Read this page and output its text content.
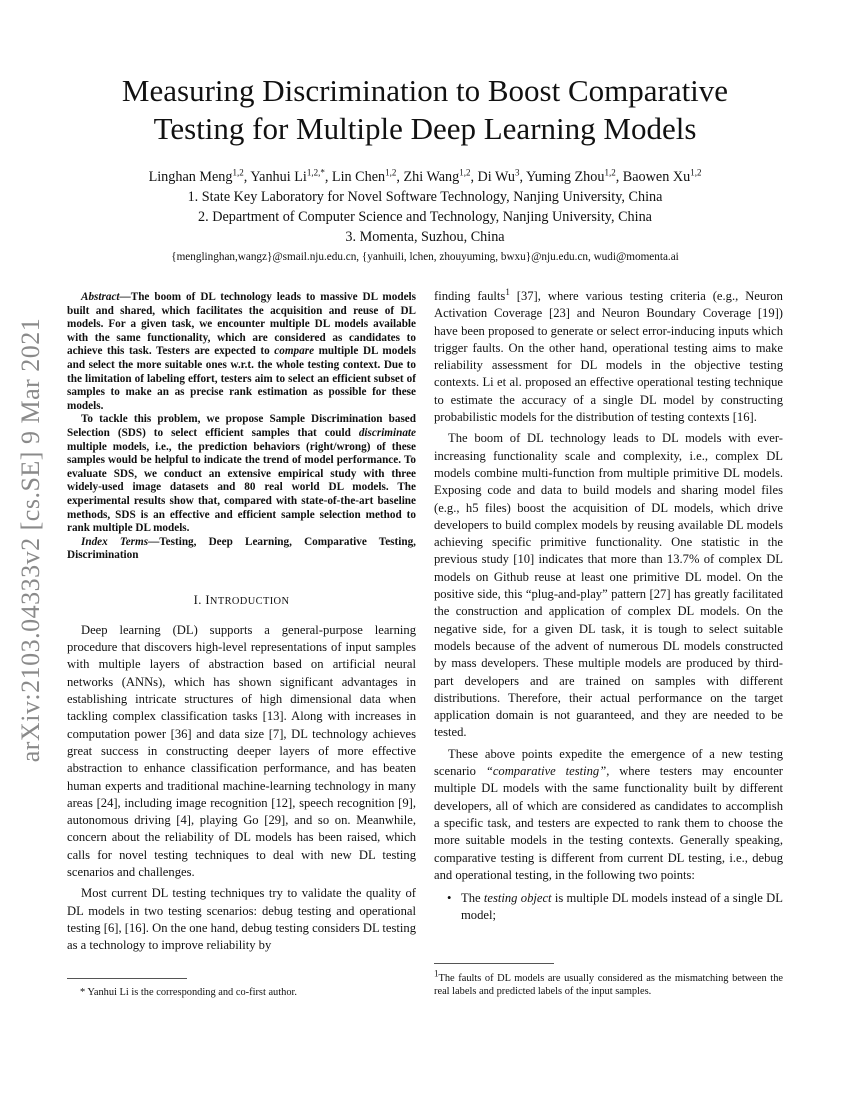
arXiv:2103.04333v2 [cs.SE] 9 Mar 2021
Measuring Discrimination to Boost Comparative
Testing for Multiple Deep Learning Models
Linghan Meng$^{1,2}$, Yanhui $Li^{1,2,*}$, Lin Chen$^{1,2}$, Zhi Wang$^{1,2}$, Di Wu$^3$, Yuming Zhou$^{1,2}$, Baowen Xu$^{1,2}$
1. State Key Laboratory for Novel Software Technology, Nanjing University, China
2. Department of Computer Science and Technology, Nanjing University, China
3. Momenta, Suzhou, China
{menglinghan,wangz}@smail.nju.edu.cn, {yanhuili, lchen, zhouyuming, bwxu}@nju.edu.cn, wudi@momenta.ai

Abstract—The boom of DL technology leads to massive DL models built and shared, which facilitates the acquisition and reuse of DL models. For a given task, we encounter multiple DL models available with the same functionality, which are considered as candidates to achieve this task. Testers are expected to compare multiple DL models and select the more suitable ones w.r.t. the whole testing context. Due to the limitation of labeling effort, testers aim to select an efficient subset of samples to make an as precise rank estimation as possible for these models.

To tackle this problem, we propose Sample Discrimination based Selection (SDS) to select efficient samples that could discriminate multiple models, i.e., the prediction behaviors (right/wrong) of these samples would be helpful to indicate the trend of model performance. To evaluate SDS, we conduct an extensive empirical study with three widely-used image datasets and 80 real world DL models. The experimental results show that, compared with state-of-the-art baseline methods, SDS is an effective and efficient sample selection method to rank multiple DL models.

Index Terms—Testing, Deep Learning, Comparative Testing, Discrimination

I. INTRODUCTION

Deep learning (DL) supports a general-purpose learning procedure that discovers high-level representations of input samples with multiple layers of abstraction based on artificial neural networks (ANNs), which has shown significant advantages in establishing intricate structures of high dimensional data when tackling complex classification tasks [13]. Along with increases in computation power [36] and data size [7], DL technology achieves great success in constructing deeper layers of more effective abstraction to enhance classification performance, and has beaten human experts and traditional machine-learning technology in many areas [24], including image recognition [12], speech recognition [9], autonomous driving [4], playing Go [29], and so on. Meanwhile, concern about the reliability of DL models has been raised, which calls for novel testing techniques to deal with new DL testing scenarios and challenges.

Most current DL testing techniques try to validate the quality of DL models in two testing scenarios: debug testing and operational testing [6], [16]. On the one hand, debug testing considers DL testing as a technology to improve reliability by

finding faults$^1$ [37], where various testing criteria (e.g., Neuron Activation Coverage [23] and Neuron Boundary Coverage [19]) have been proposed to generate or select error-inducing inputs which trigger faults. On the other hand, operational testing aims to make reliability assessment for DL models in the objective testing contexts. Li et al. proposed an effective operational testing technique to estimate the accuracy of a single DL model by constructing probabilistic models for the distribution of testing contexts [16].

The boom of DL technology leads to DL models with ever-increasing functionality scale and complexity, i.e., complex DL models combine multi-function from multiple primitive DL models. Exposing code and data to build models and sharing model files (e.g., h5 files) boost the acquisition of DL models, which drive developers to build complex models by reusing available DL models achieving specific primitive functionality. One statistic in the previous study [10] indicates that more than 13.7% of complex DL models on Github reuse at least one primitive DL model. On the positive side, this “plug-and-play” pattern [27] has greatly facilitated the construction and application of complex DL models. On the negative side, for a given DL task, it is tough to select suitable models because of the advent of numerous DL models constructed by mass developers. These multiple models are produced by third-part developers and are trained on samples with different distributions. Therefore, their actual performance on the target application domain is not guaranteed, and they are needed to be tested.

These above points expedite the emergence of a new testing scenario “comparative testing”, where testers may encounter multiple DL models with the same functionality built by different developers, all of which are considered as candidates to accomplish a specific task, and testers are expected to rank them to choose the more suitable models in the testing contexts. Generally speaking, comparative testing is different from current DL testing, i.e., debug and operational testing, in the following two points:

• The testing object is multiple DL models instead of a single DL model;
* Yanhui Li is the corresponding and co-first author.
$^1$The faults of DL models are usually considered as the mismatching between the real labels and predicted labels of the input samples.
